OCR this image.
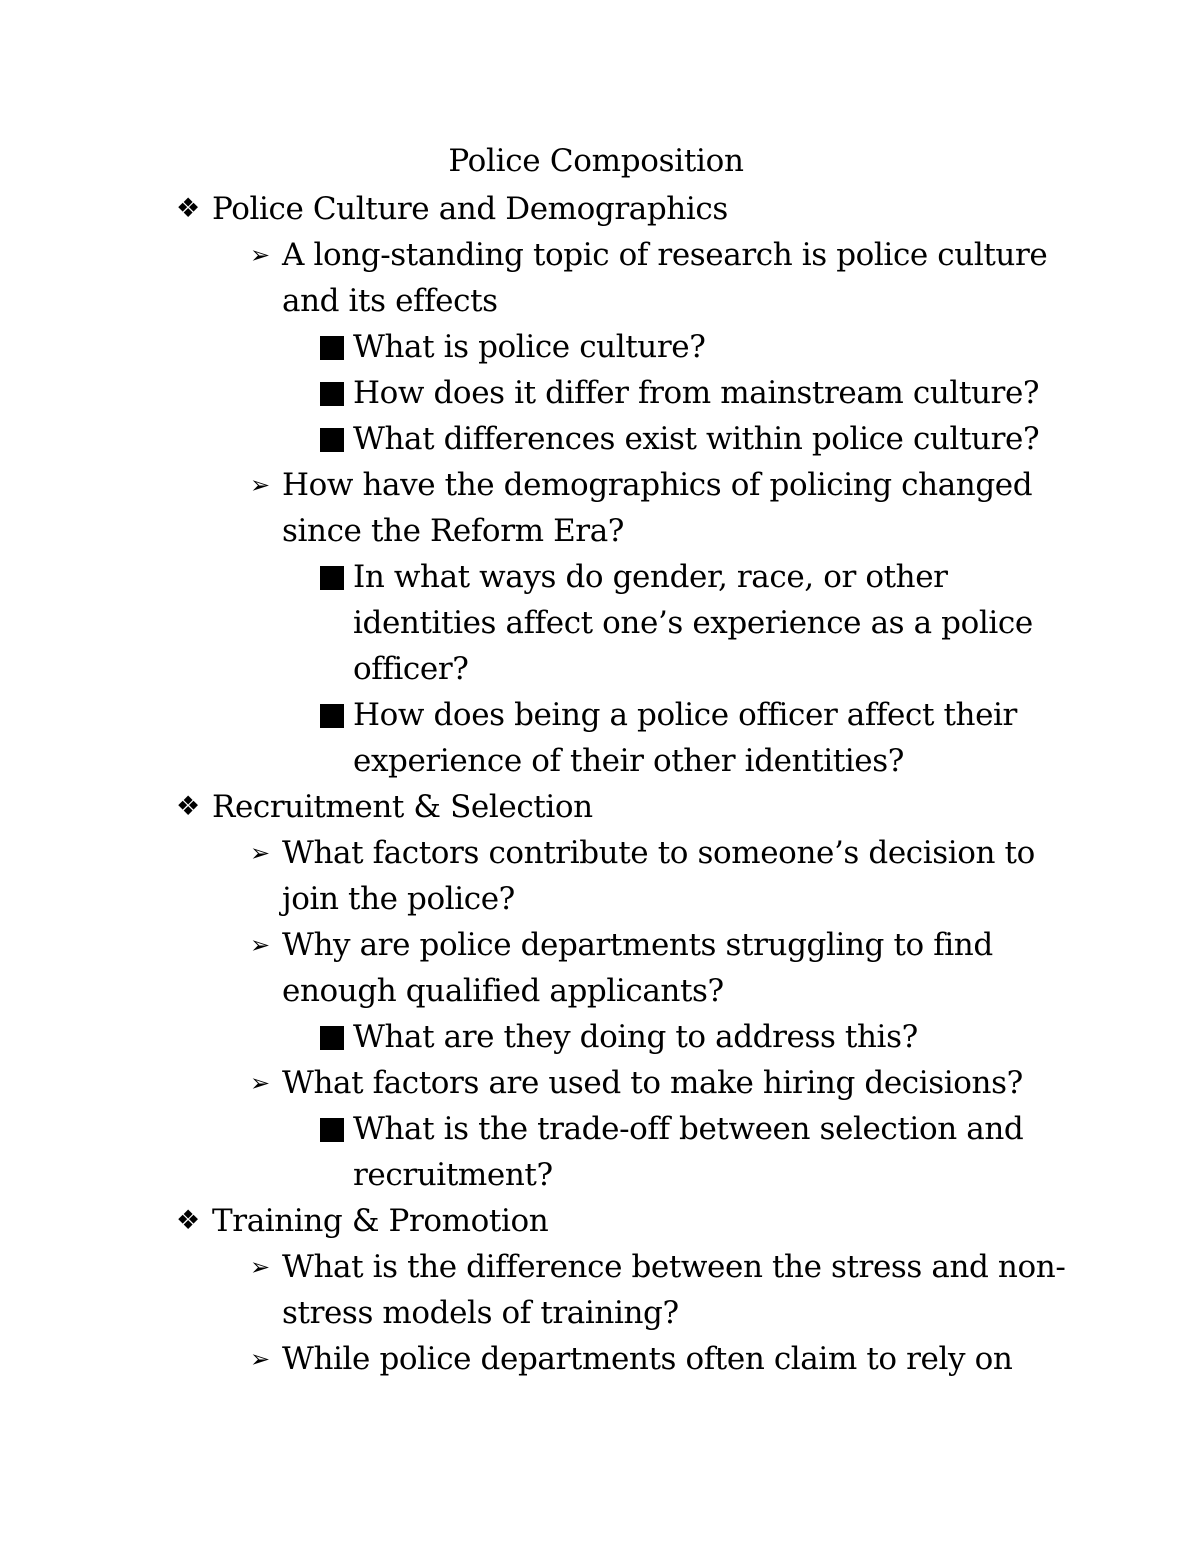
Police Composition
❖ Police Culture and Demographics
➢ A long-standing topic of research is police culture and its effects
What is police culture?
How does it differ from mainstream culture?
What differences exist within police culture?
➢ How have the demographics of policing changed since the Reform Era?
In what ways do gender, race, or other identities affect one’s experience as a police officer?
How does being a police officer affect their experience of their other identities?
❖ Recruitment & Selection
➢ What factors contribute to someone’s decision to join the police?
➢ Why are police departments struggling to find enough qualified applicants?
What are they doing to address this?
➢ What factors are used to make hiring decisions?
What is the trade-off between selection and recruitment?
❖ Training & Promotion
➢ What is the difference between the stress and non-stress models of training?
➢ While police departments often claim to rely on
